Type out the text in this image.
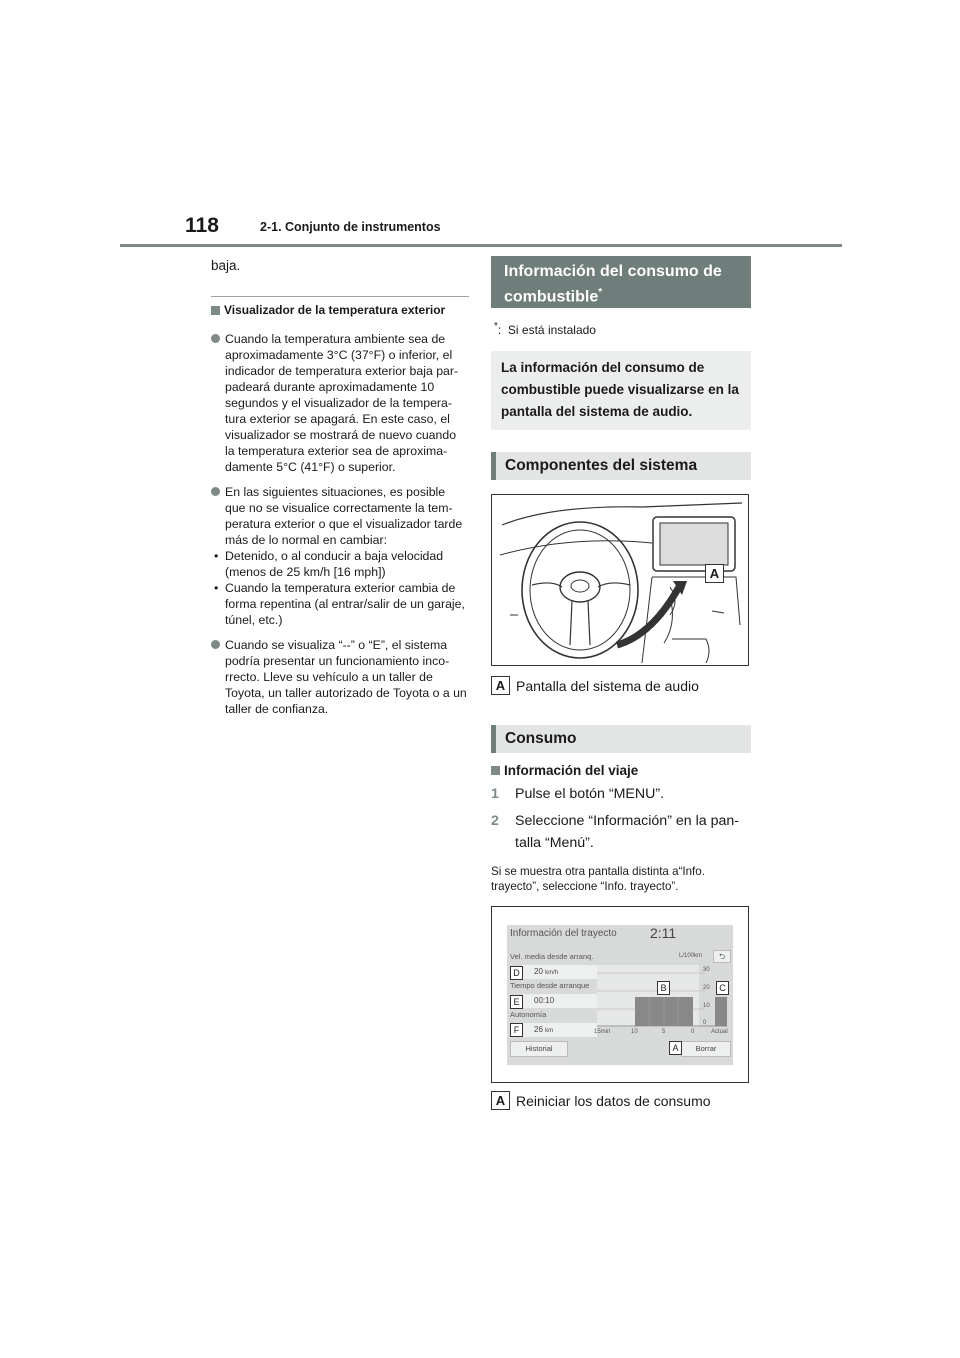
118	2-1. Conjunto de instrumentos

baja.

Visualizador de la temperatura exterior
Cuando la temperatura ambiente sea de aproximadamente 3°C (37°F) o inferior, el indicador de temperatura exterior baja par-padeará durante aproximadamente 10 segundos y el visualizador de la tempera-tura exterior se apagará. En este caso, el visualizador se mostrará de nuevo cuando la temperatura exterior sea de aproxima-damente 5°C (41°F) o superior.
En las siguientes situaciones, es posible que no se visualice correctamente la tem-peratura exterior o que el visualizador tarde más de lo normal en cambiar:
• Detenido, o al conducir a baja velocidad (menos de 25 km/h [16 mph])
• Cuando la temperatura exterior cambia de forma repentina (al entrar/salir de un garaje, túnel, etc.)
Cuando se visualiza “--” o “E”, el sistema podría presentar un funcionamiento inco-rrecto. Lleve su vehículo a un taller de Toyota, un taller autorizado de Toyota o a un taller de confianza.
Información del consumo de combustible*
*:  Si está instalado
La información del consumo de combustible puede visualizarse en la pantalla del sistema de audio.
Componentes del sistema
A
A Pantalla del sistema de audio
Consumo
Información del viaje
1	Pulse el botón “MENU”.
2	Seleccione “Información” en la pan-talla “Menú”.
Si se muestra otra pantalla distinta a“Info. trayecto”, seleccione “Info. trayecto”.
Información del trayecto 2:11
Vel. media desde arranq.
20 km/h
Tiempo desde arranque
00:10
Autonomía
26 km
L/100km	⮌
30
20
10
0
15min	10	5	0	Actual
Historial	Borrar
D
E
F
B	C
A
A Reiniciar los datos de consumo
